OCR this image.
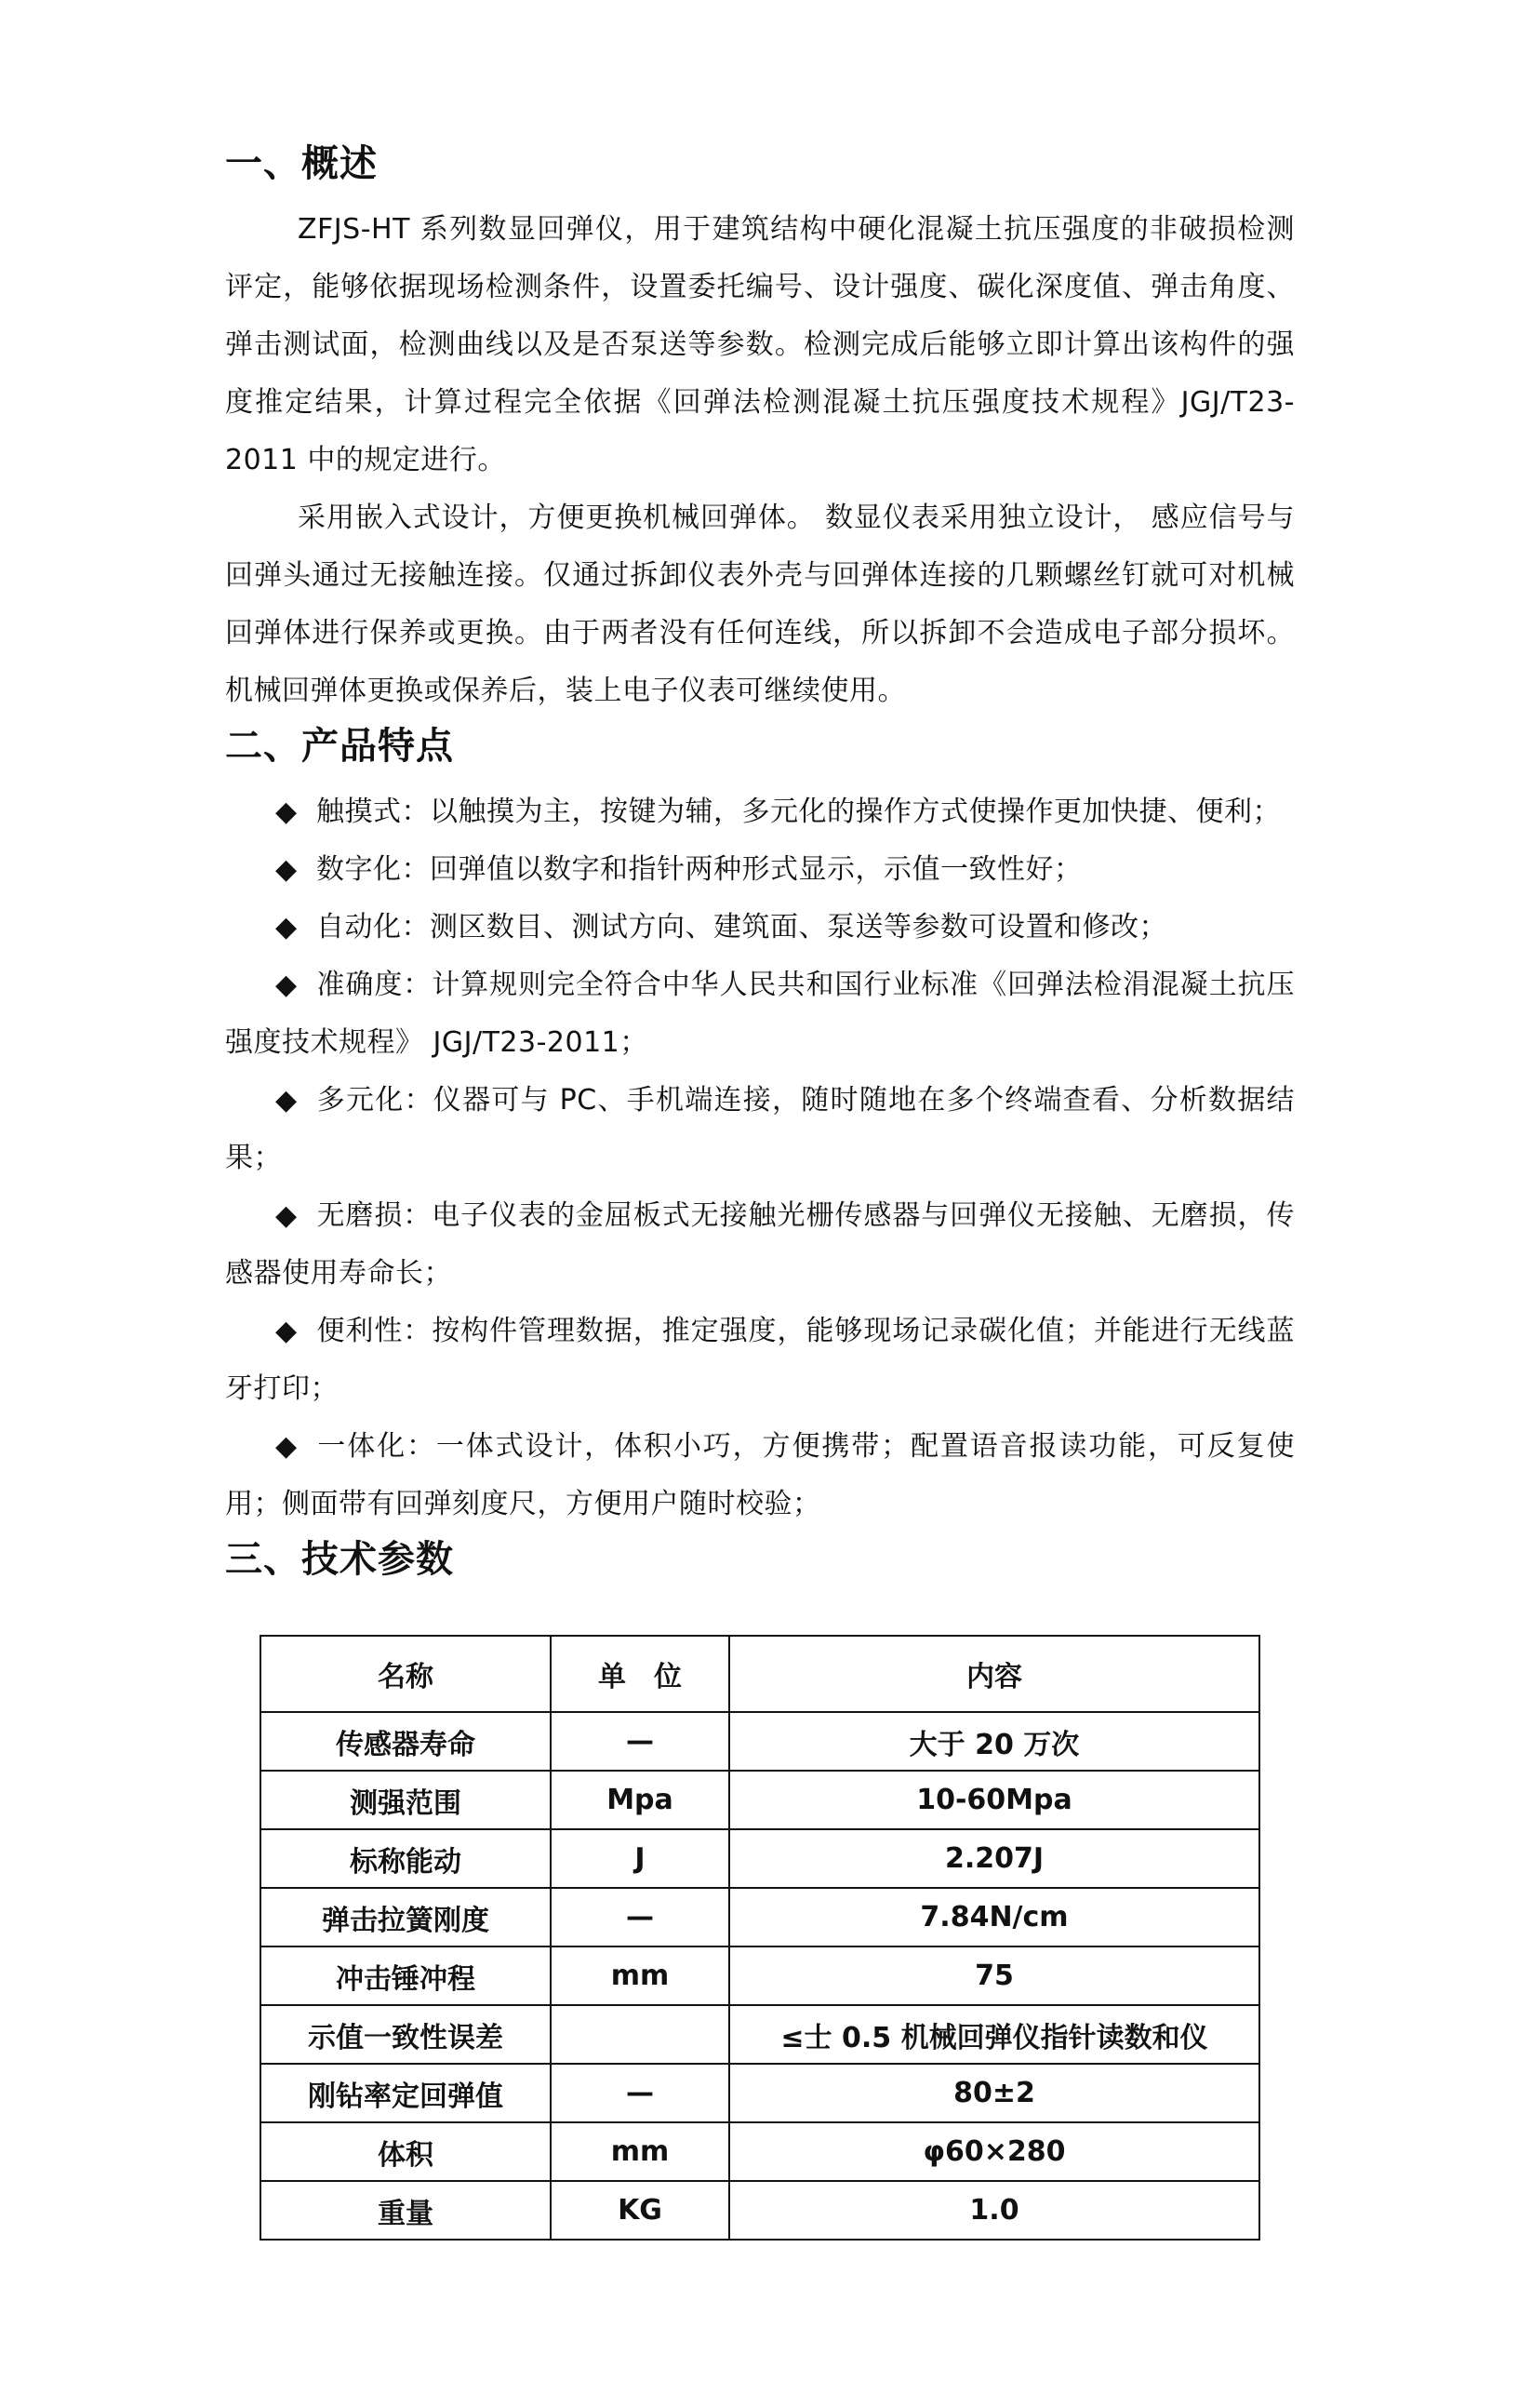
一、概述

ZFJS-HT 系列数显回弹仪，用于建筑结构中硬化混凝土抗压强度的非破损检测评定，能够依据现场检测条件，设置委托编号、设计强度、碳化深度值、弹击角度、弹击测试面，检测曲线以及是否泵送等参数。检测完成后能够立即计算出该构件的强度推定结果，计算过程完全依据《回弹法检测混凝土抗压强度技术规程》JGJ/T23-2011 中的规定进行。

采用嵌入式设计，方便更换机械回弹体。 数显仪表采用独立设计， 感应信号与回弹头通过无接触连接。仅通过拆卸仪表外壳与回弹体连接的几颗螺丝钉就可对机械回弹体进行保养或更换。由于两者没有任何连线，所以拆卸不会造成电子部分损坏。机械回弹体更换或保养后，装上电子仪表可继续使用。

二、产品特点

◆ 触摸式：以触摸为主，按键为辅，多元化的操作方式使操作更加快捷、便利；

◆ 数字化：回弹值以数字和指针两种形式显示，示值一致性好；

◆ 自动化：测区数目、测试方向、建筑面、泵送等参数可设置和修改；

◆ 准确度：计算规则完全符合中华人民共和国行业标准《回弹法检涓混凝土抗压强度技术规程》 JGJ/T23-2011；

◆ 多元化：仪器可与 PC、手机端连接，随时随地在多个终端查看、分析数据结果；

◆ 无磨损：电子仪表的金屈板式无接触光栅传感器与回弹仪无接触、无磨损，传感器使用寿命长；

◆ 便利性：按构件管理数据，推定强度，能够现场记录碳化值；并能进行无线蓝牙打印；

◆ 一体化：一体式设计，体积小巧，方便携带；配置语音报读功能，可反复使用；侧面带有回弹刻度尺，方便用户随时校验；

三、技术参数
名称	单　位	内容
传感器寿命	—	大于 20 万次
测强范围	Mpa	10-60Mpa
标称能动	J	2.207J
弹击拉簧刚度	—	7.84N/cm
冲击锤冲程	mm	75
示值一致性误差		≤士 0.5 机械回弹仪指针读数和仪
刚钻率定回弹值	—	80±2
体积	mm	φ60×280
重量	KG	1.0
